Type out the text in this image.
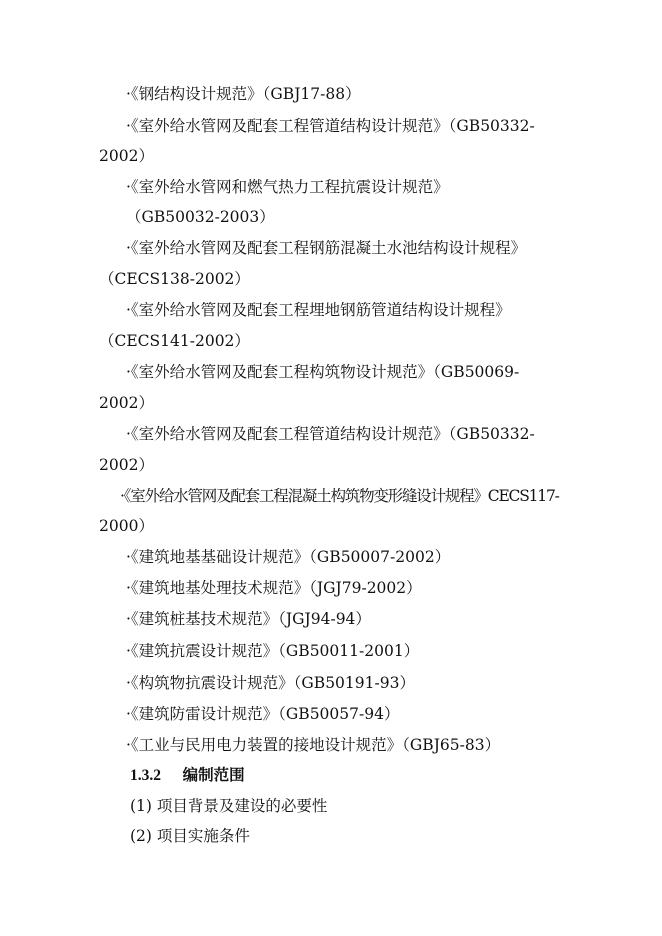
·《钢结构设计规范》（GBJ17-88）
·《室外给水管网及配套工程管道结构设计规范》（GB50332-
2002）
·《室外给水管网和燃气热力工程抗震设计规范》
（GB50032-2003）
·《室外给水管网及配套工程钢筋混凝土水池结构设计规程》
（CECS138-2002）
·《室外给水管网及配套工程埋地钢筋管道结构设计规程》
（CECS141-2002）
·《室外给水管网及配套工程构筑物设计规范》（GB50069-
2002）
·《室外给水管网及配套工程管道结构设计规范》（GB50332-
2002）
·《室外给水管网及配套工程混凝土构筑物变形缝设计规程》CECS117-
2000）
·《建筑地基基础设计规范》（GB50007-2002）
·《建筑地基处理技术规范》（JGJ79-2002）
·《建筑桩基技术规范》（JGJ94-94）
·《建筑抗震设计规范》（GB50011-2001）
·《构筑物抗震设计规范》（GB50191-93）
·《建筑防雷设计规范》（GB50057-94）
·《工业与民用电力装置的接地设计规范》（GBJ65-83）
1.3.2 编制范围
(1) 项目背景及建设的必要性
(2) 项目实施条件
